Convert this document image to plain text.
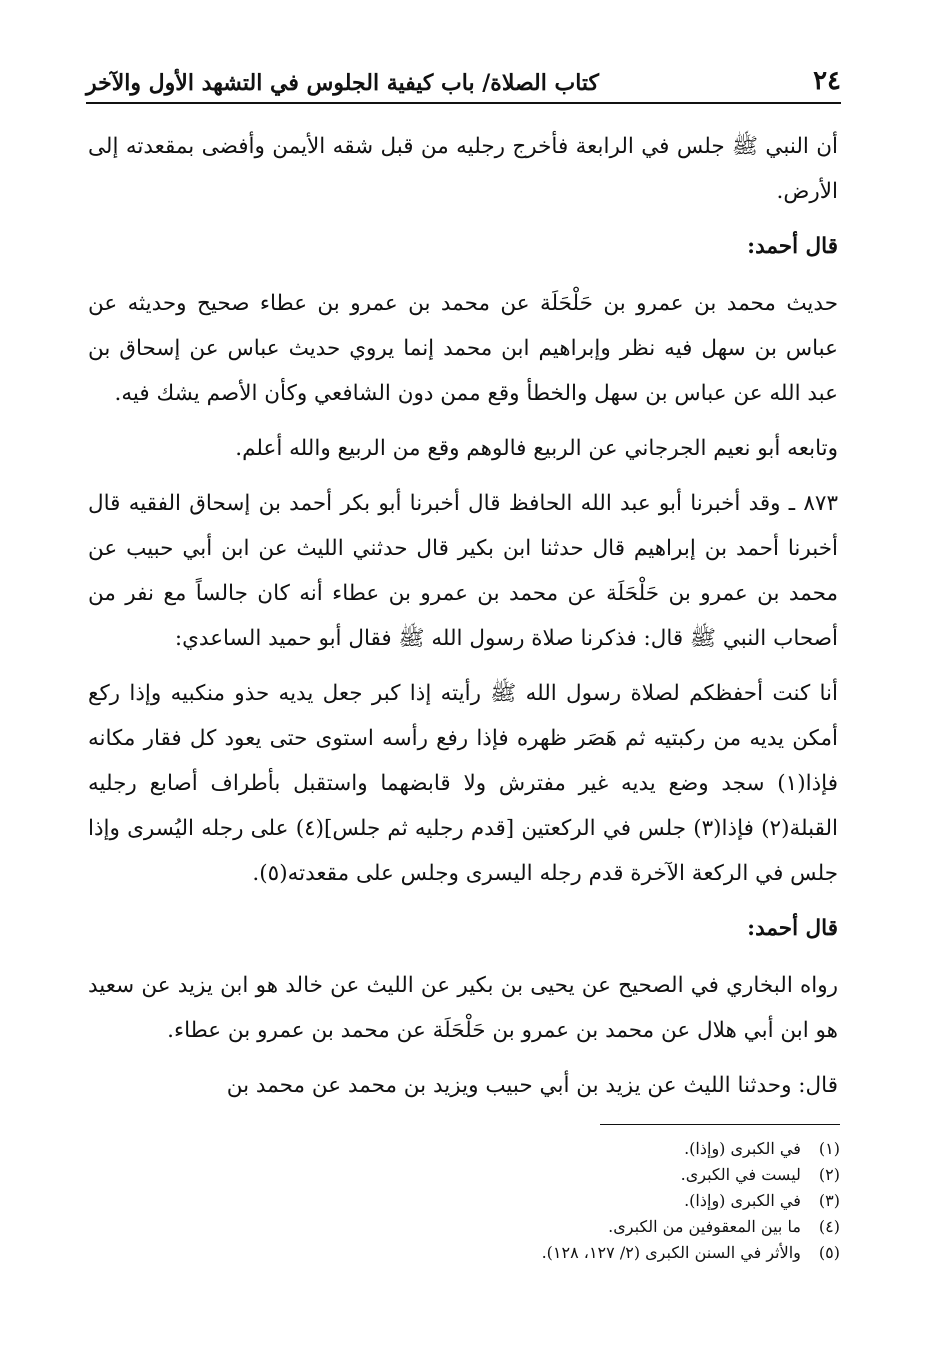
٢٤
كتاب الصلاة/ باب كيفية الجلوس في التشهد الأول والآخر

أن النبي ﷺ جلس في الرابعة فأخرج رجليه من قبل شقه الأيمن وأفضى بمقعدته إلى الأرض.

قال أحمد:

حديث محمد بن عمرو بن حَلْحَلَة عن محمد بن عمرو بن عطاء صحيح وحديثه عن عباس بن سهل فيه نظر وإبراهيم ابن محمد إنما يروي حديث عباس عن إسحاق بن عبد الله عن عباس بن سهل والخطأ وقع ممن دون الشافعي وكأن الأصم يشك فيه.

وتابعه أبو نعيم الجرجاني عن الربيع فالوهم وقع من الربيع والله أعلم.

٨٧٣ ـ وقد أخبرنا أبو عبد الله الحافظ قال أخبرنا أبو بكر أحمد بن إسحاق الفقيه قال أخبرنا أحمد بن إبراهيم قال حدثنا ابن بكير قال حدثني الليث عن ابن أبي حبيب عن محمد بن عمرو بن حَلْحَلَة عن محمد بن عمرو بن عطاء أنه كان جالساً مع نفر من أصحاب النبي ﷺ قال: فذكرنا صلاة رسول الله ﷺ فقال أبو حميد الساعدي:

أنا كنت أحفظكم لصلاة رسول الله ﷺ رأيته إذا كبر جعل يديه حذو منكبيه وإذا ركع أمكن يديه من ركبتيه ثم هَصَر ظهره فإذا رفع رأسه استوى حتى يعود كل فقار مكانه فإذا(١) سجد وضع يديه غير مفترش ولا قابضهما واستقبل بأطراف أصابع رجليه القبلة(٢) فإذا(٣) جلس في الركعتين [قدم رجليه ثم جلس](٤) على رجله اليُسرى وإذا جلس في الركعة الآخرة قدم رجله اليسرى وجلس على مقعدته(٥).

قال أحمد:

رواه البخاري في الصحيح عن يحيى بن بكير عن الليث عن خالد هو ابن يزيد عن سعيد هو ابن أبي هلال عن محمد بن عمرو بن حَلْحَلَة عن محمد بن عمرو بن عطاء.

قال: وحدثنا الليث عن يزيد بن أبي حبيب ويزيد بن محمد عن محمد بن

(١) في الكبرى (وإذا).
(٢) ليست في الكبرى.
(٣) في الكبرى (وإذا).
(٤) ما بين المعقوفين من الكبرى.
(٥) والأثر في السنن الكبرى (٢/ ١٢٧، ١٢٨).
